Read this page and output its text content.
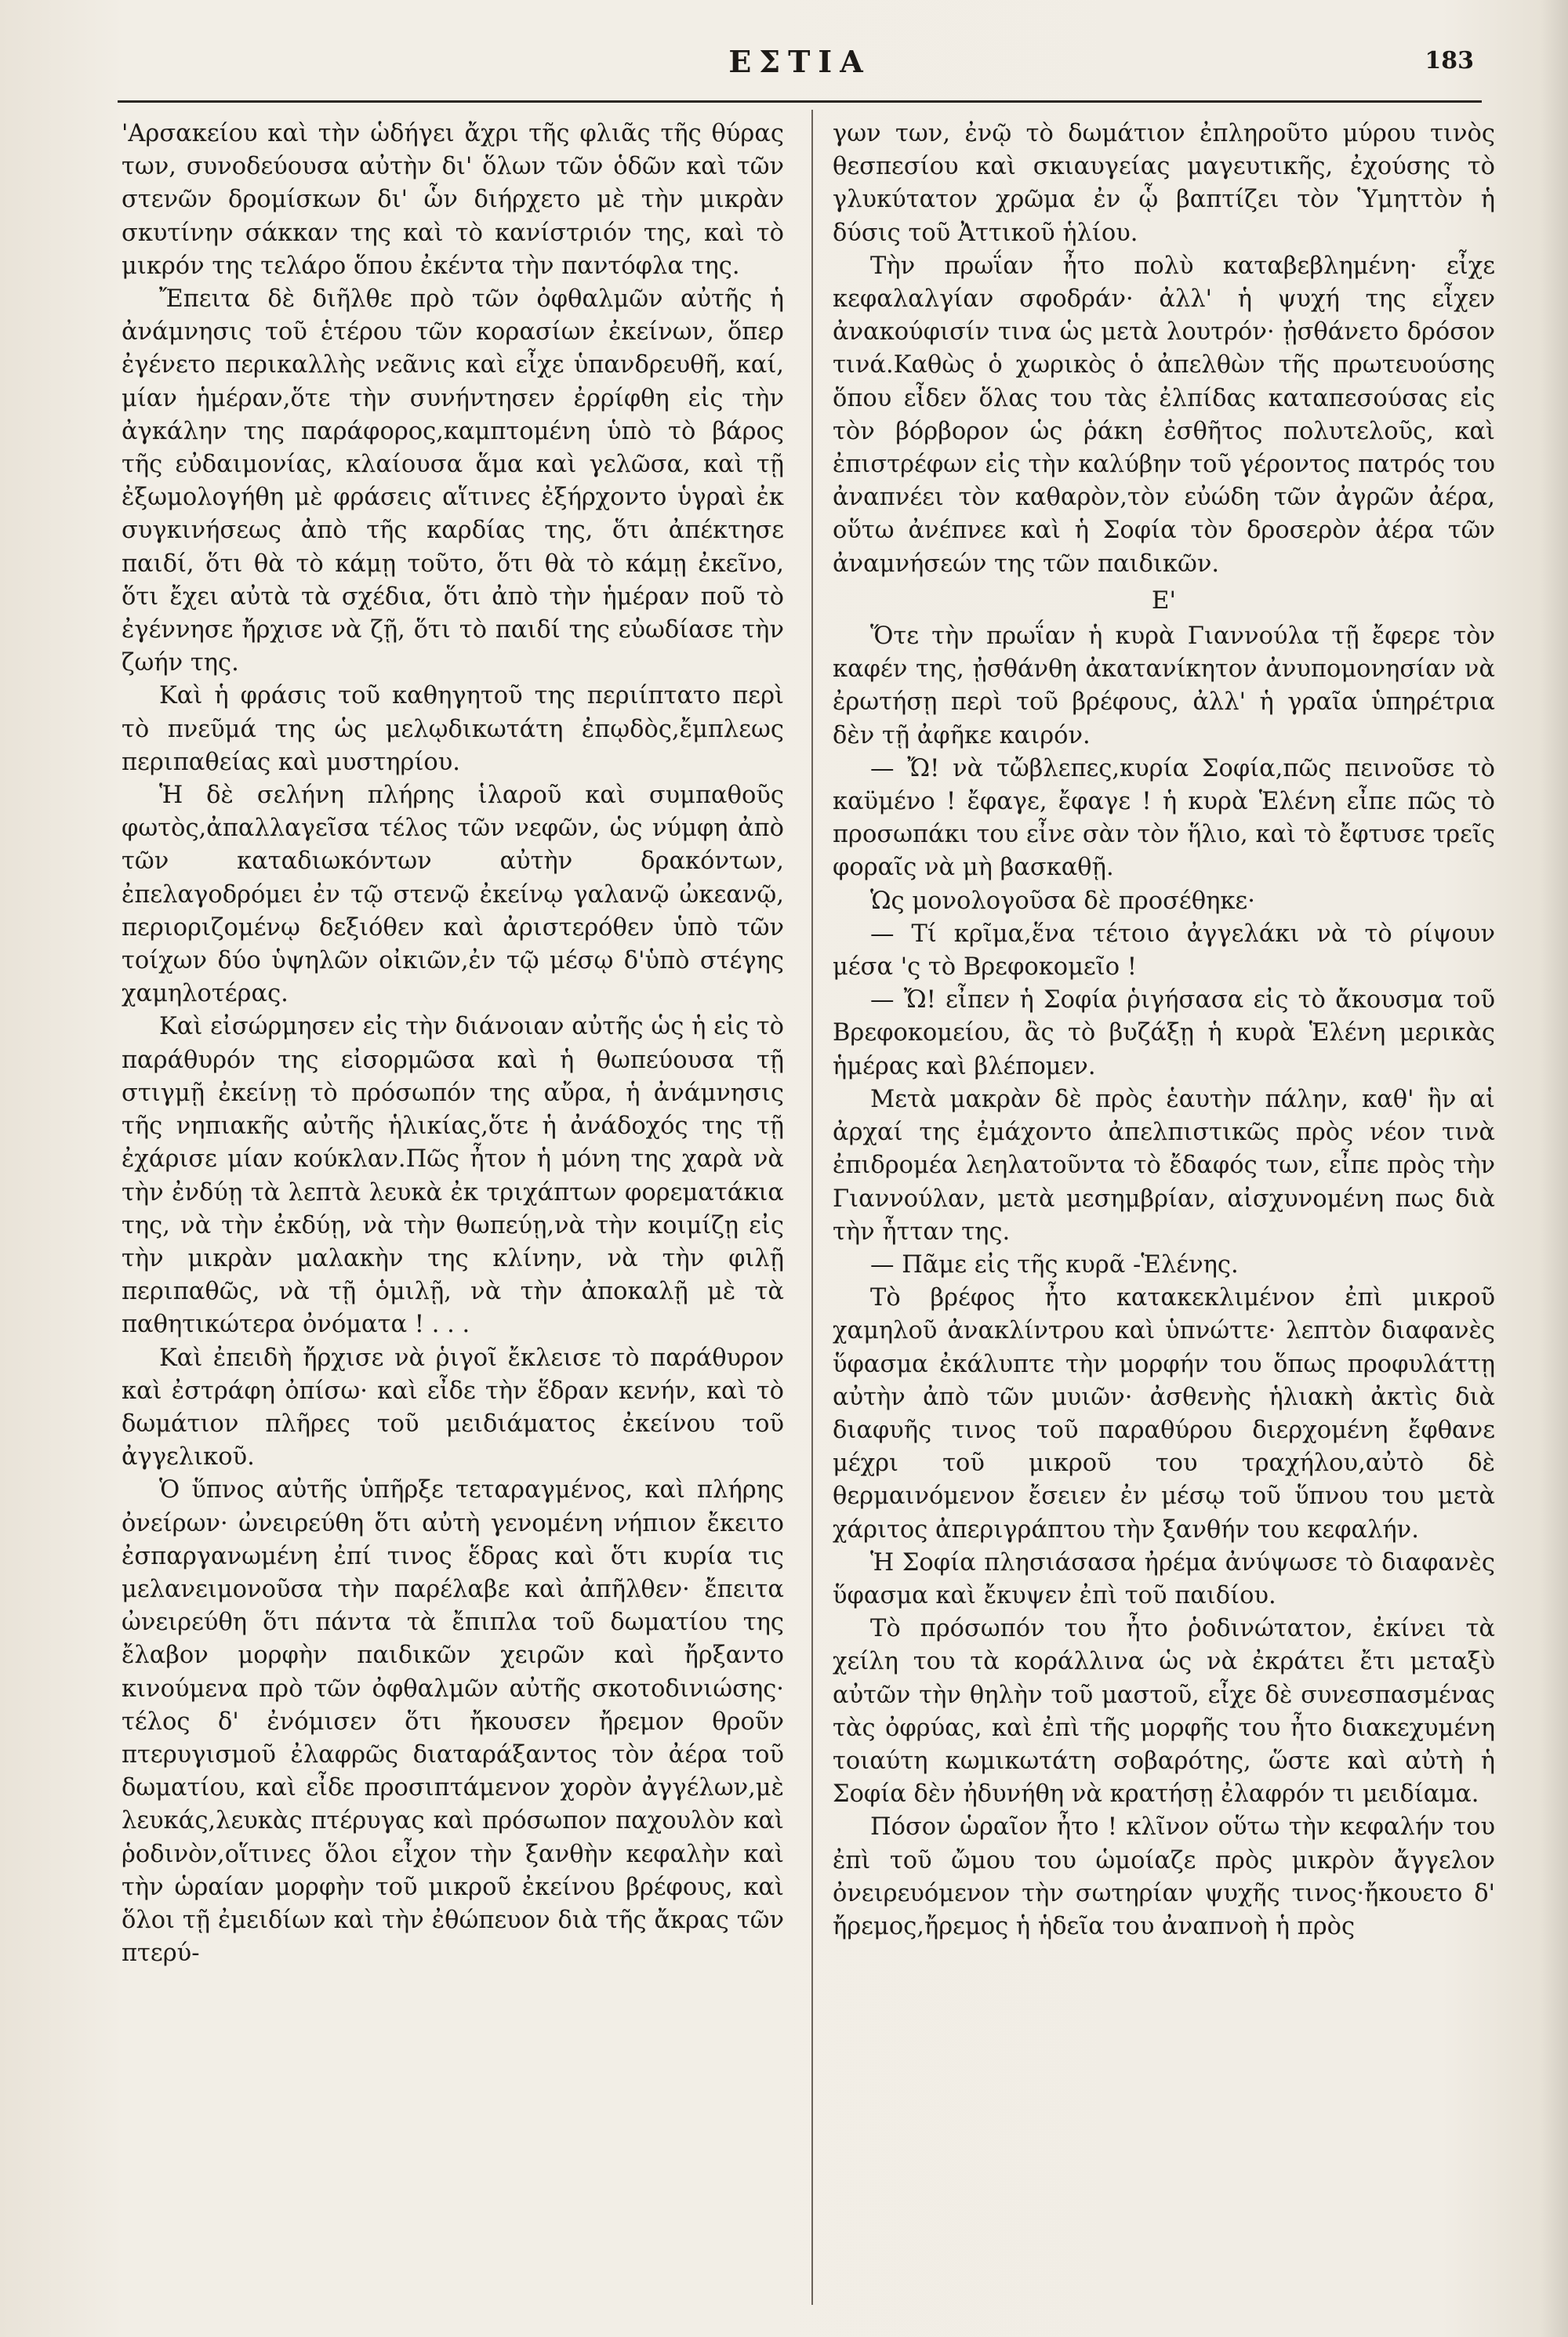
ΕΣΤΙΑ	183

'Αρσακείου καὶ τὴν ὡδήγει ἄχρι τῆς φλιᾶς τῆς θύρας των, συνοδεύουσα αὐτὴν δι' ὅλων τῶν ὁδῶν καὶ τῶν στενῶν δρομίσκων δι' ὧν διήρχετο μὲ τὴν μικρὰν σκυτίνην σάκκαν της καὶ τὸ κανίστριόν της, καὶ τὸ μικρόν της τελάρο ὅπου ἐκέντα τὴν παντόφλα της.

Ἔπειτα δὲ διῆλθε πρὸ τῶν ὀφθαλμῶν αὐτῆς ἡ ἀνάμνησις τοῦ ἑτέρου τῶν κορασίων ἐκείνων, ὅπερ ἐγένετο περικαλλὴς νεᾶνις καὶ εἶχε ὑπανδρευθῆ, καί, μίαν ἡμέραν,ὅτε τὴν συνήντησεν ἐρρίφθη εἰς τὴν ἀγκάλην της παράφορος,καμπτομένη ὑπὸ τὸ βάρος τῆς εὐδαιμονίας, κλαίουσα ἅμα καὶ γελῶσα, καὶ τῇ ἐξωμολογήθη μὲ φράσεις αἵτινες ἐξήρχοντο ὑγραὶ ἐκ συγκινήσεως ἀπὸ τῆς καρδίας της, ὅτι ἀπέκτησε παιδί, ὅτι θὰ τὸ κάμῃ τοῦτο, ὅτι θὰ τὸ κάμῃ ἐκεῖνο, ὅτι ἔχει αὐτὰ τὰ σχέδια, ὅτι ἀπὸ τὴν ἡμέραν ποῦ τὸ ἐγέννησε ἤρχισε νὰ ζῇ, ὅτι τὸ παιδί της εὐωδίασε τὴν ζωήν της.

Καὶ ἡ φράσις τοῦ καθηγητοῦ της περιίπτατο περὶ τὸ πνεῦμά της ὡς μελῳδικωτάτη ἐπῳδὸς,ἔμπλεως περιπαθείας καὶ μυστηρίου.

Ἡ δὲ σελήνη πλήρης ἱλαροῦ καὶ συμπαθοῦς φωτὸς,ἀπαλλαγεῖσα τέλος τῶν νεφῶν, ὡς νύμφη ἀπὸ τῶν καταδιωκόντων αὐτὴν δρακόντων, ἐπελαγοδρόμει ἐν τῷ στενῷ ἐκείνῳ γαλανῷ ὠκεανῷ, περιοριζομένῳ δεξιόθεν καὶ ἀριστερόθεν ὑπὸ τῶν τοίχων δύο ὑψηλῶν οἰκιῶν,ἐν τῷ μέσῳ δ'ὑπὸ στέγης χαμηλοτέρας.

Καὶ εἰσώρμησεν εἰς τὴν διάνοιαν αὐτῆς ὡς ἡ εἰς τὸ παράθυρόν της εἰσορμῶσα καὶ ἡ θωπεύουσα τῇ στιγμῇ ἐκείνῃ τὸ πρόσωπόν της αὔρα, ἡ ἀνάμνησις τῆς νηπιακῆς αὐτῆς ἡλικίας,ὅτε ἡ ἀνάδοχός της τῇ ἐχάρισε μίαν κούκλαν.Πῶς ἦτον ἡ μόνη της χαρὰ νὰ τὴν ἐνδύῃ τὰ λεπτὰ λευκὰ ἐκ τριχάπτων φορεματάκια της, νὰ τὴν ἐκδύῃ, νὰ τὴν θωπεύῃ,νὰ τὴν κοιμίζῃ εἰς τὴν μικρὰν μαλακὴν της κλίνην, νὰ τὴν φιλῇ περιπαθῶς, νὰ τῇ ὁμιλῇ, νὰ τὴν ἀποκαλῇ μὲ τὰ παθητικώτερα ὀνόματα ! . . .

Καὶ ἐπειδὴ ἤρχισε νὰ ῥιγοῖ ἔκλεισε τὸ παράθυρον καὶ ἐστράφη ὀπίσω· καὶ εἶδε τὴν ἕδραν κενήν, καὶ τὸ δωμάτιον πλῆρες τοῦ μειδιάματος ἐκείνου τοῦ ἀγγελικοῦ.

Ὁ ὕπνος αὐτῆς ὑπῆρξε τεταραγμένος, καὶ πλήρης ὀνείρων· ὠνειρεύθη ὅτι αὐτὴ γενομένη νήπιον ἔκειτο ἐσπαργανωμένη ἐπί τινος ἕδρας καὶ ὅτι κυρία τις μελανειμονοῦσα τὴν παρέλαβε καὶ ἀπῆλθεν· ἔπειτα ὠνειρεύθη ὅτι πάντα τὰ ἔπιπλα τοῦ δωματίου της ἔλαβον μορφὴν παιδικῶν χειρῶν καὶ ἤρξαντο κινούμενα πρὸ τῶν ὀφθαλμῶν αὐτῆς σκοτοδινιώσης· τέλος δ' ἐνόμισεν ὅτι ἤκουσεν ἤρεμον θροῦν πτερυγισμοῦ ἐλαφρῶς διαταράξαντος τὸν ἀέρα τοῦ δωματίου, καὶ εἶδε προσιπτάμενον χορὸν ἀγγέλων,μὲ λευκάς,λευκὰς πτέρυγας καὶ πρόσωπον παχουλὸν καὶ ῥοδινὸν,οἵτινες ὅλοι εἶχον τὴν ξανθὴν κεφαλὴν καὶ τὴν ὡραίαν μορφὴν τοῦ μικροῦ ἐκείνου βρέφους, καὶ ὅλοι τῇ ἐμειδίων καὶ τὴν ἐθώπευον διὰ τῆς ἄκρας τῶν πτερύ-

γων των, ἐνῷ τὸ δωμάτιον ἐπληροῦτο μύρου τινὸς θεσπεσίου καὶ σκιαυγείας μαγευτικῆς, ἐχούσης τὸ γλυκύτατον χρῶμα ἐν ᾧ βαπτίζει τὸν Ὑμηττὸν ἡ δύσις τοῦ Ἀττικοῦ ἡλίου.

Τὴν πρωΐαν ἦτο πολὺ καταβεβλημένη· εἶχε κεφαλαλγίαν σφοδράν· ἀλλ' ἡ ψυχή της εἶχεν ἀνακούφισίν τινα ὡς μετὰ λουτρόν· ᾐσθάνετο δρόσον τινά.Καθὼς ὁ χωρικὸς ὁ ἀπελθὼν τῆς πρωτευούσης ὅπου εἶδεν ὅλας του τὰς ἐλπίδας καταπεσούσας εἰς τὸν βόρβορον ὡς ῥάκη ἐσθῆτος πολυτελοῦς, καὶ ἐπιστρέφων εἰς τὴν καλύβην τοῦ γέροντος πατρός του ἀναπνέει τὸν καθαρὸν,τὸν εὐώδη τῶν ἀγρῶν ἀέρα, οὕτω ἀνέπνεε καὶ ἡ Σοφία τὸν δροσερὸν ἀέρα τῶν ἀναμνήσεών της τῶν παιδικῶν.

Ε'

Ὅτε τὴν πρωΐαν ἡ κυρὰ Γιαννούλα τῇ ἔφερε τὸν καφέν της, ᾐσθάνθη ἀκατανίκητον ἀνυπομονησίαν νὰ ἐρωτήσῃ περὶ τοῦ βρέφους, ἀλλ' ἡ γραῖα ὑπηρέτρια δὲν τῇ ἀφῆκε καιρόν.

— Ὤ! νὰ τὤβλεπες,κυρία Σοφία,πῶς πεινοῦσε τὸ καϋμένο ! ἔφαγε, ἔφαγε ! ἡ κυρὰ Ἑλένη εἶπε πῶς τὸ προσωπάκι του εἶνε σὰν τὸν ἥλιο, καὶ τὸ ἔφτυσε τρεῖς φοραῖς νὰ μὴ βασκαθῇ.

Ὡς μονολογοῦσα δὲ προσέθηκε·

— Τί κρῖμα,ἕνα τέτοιο ἀγγελάκι νὰ τὸ ρίψουν μέσα 'ς τὸ Βρεφοκομεῖο !

— Ὤ! εἶπεν ἡ Σοφία ῥιγήσασα εἰς τὸ ἄκουσμα τοῦ Βρεφοκομείου, ἂς τὸ βυζάξῃ ἡ κυρὰ Ἑλένη μερικὰς ἡμέρας καὶ βλέπομεν.

Μετὰ μακρὰν δὲ πρὸς ἑαυτὴν πάλην, καθ' ἣν αἱ ἀρχαί της ἐμάχοντο ἀπελπιστικῶς πρὸς νέον τινὰ ἐπιδρομέα λεηλατοῦντα τὸ ἔδαφός των, εἶπε πρὸς τὴν Γιαννούλαν, μετὰ μεσημβρίαν, αἰσχυνομένη πως διὰ τὴν ἧτταν της.

— Πᾶμε εἰς τῆς κυρᾶ -Ἑλένης.

Τὸ βρέφος ἦτο κατακεκλιμένον ἐπὶ μικροῦ χαμηλοῦ ἀνακλίντρου καὶ ὑπνώττε· λεπτὸν διαφανὲς ὕφασμα ἐκάλυπτε τὴν μορφήν του ὅπως προφυλάττῃ αὐτὴν ἀπὸ τῶν μυιῶν· ἀσθενὴς ἡλιακὴ ἀκτὶς διὰ διαφυῆς τινος τοῦ παραθύρου διερχομένη ἔφθανε μέχρι τοῦ μικροῦ του τραχήλου,αὐτὸ δὲ θερμαινόμενον ἔσειεν ἐν μέσῳ τοῦ ὕπνου του μετὰ χάριτος ἀπεριγράπτου τὴν ξανθήν του κεφαλήν.

Ἡ Σοφία πλησιάσασα ἠρέμα ἀνύψωσε τὸ διαφανὲς ὕφασμα καὶ ἔκυψεν ἐπὶ τοῦ παιδίου.

Τὸ πρόσωπόν του ἦτο ῥοδινώτατον, ἐκίνει τὰ χείλη του τὰ κοράλλινα ὡς νὰ ἐκράτει ἔτι μεταξὺ αὐτῶν τὴν θηλὴν τοῦ μαστοῦ, εἶχε δὲ συνεσπασμένας τὰς ὀφρύας, καὶ ἐπὶ τῆς μορφῆς του ἦτο διακεχυμένη τοιαύτη κωμικωτάτη σοβαρότης, ὥστε καὶ αὐτὴ ἡ Σοφία δὲν ἠδυνήθη νὰ κρατήσῃ ἐλαφρόν τι μειδίαμα.

Πόσον ὡραῖον ἦτο ! κλῖνον οὕτω τὴν κεφαλήν του ἐπὶ τοῦ ὤμου του ὡμοίαζε πρὸς μικρὸν ἄγγελον ὀνειρευόμενον τὴν σωτηρίαν ψυχῆς τινος·ἤκουετο δ' ἤρεμος,ἤρεμος ἡ ἡδεῖα του ἀναπνοὴ ἡ πρὸς
